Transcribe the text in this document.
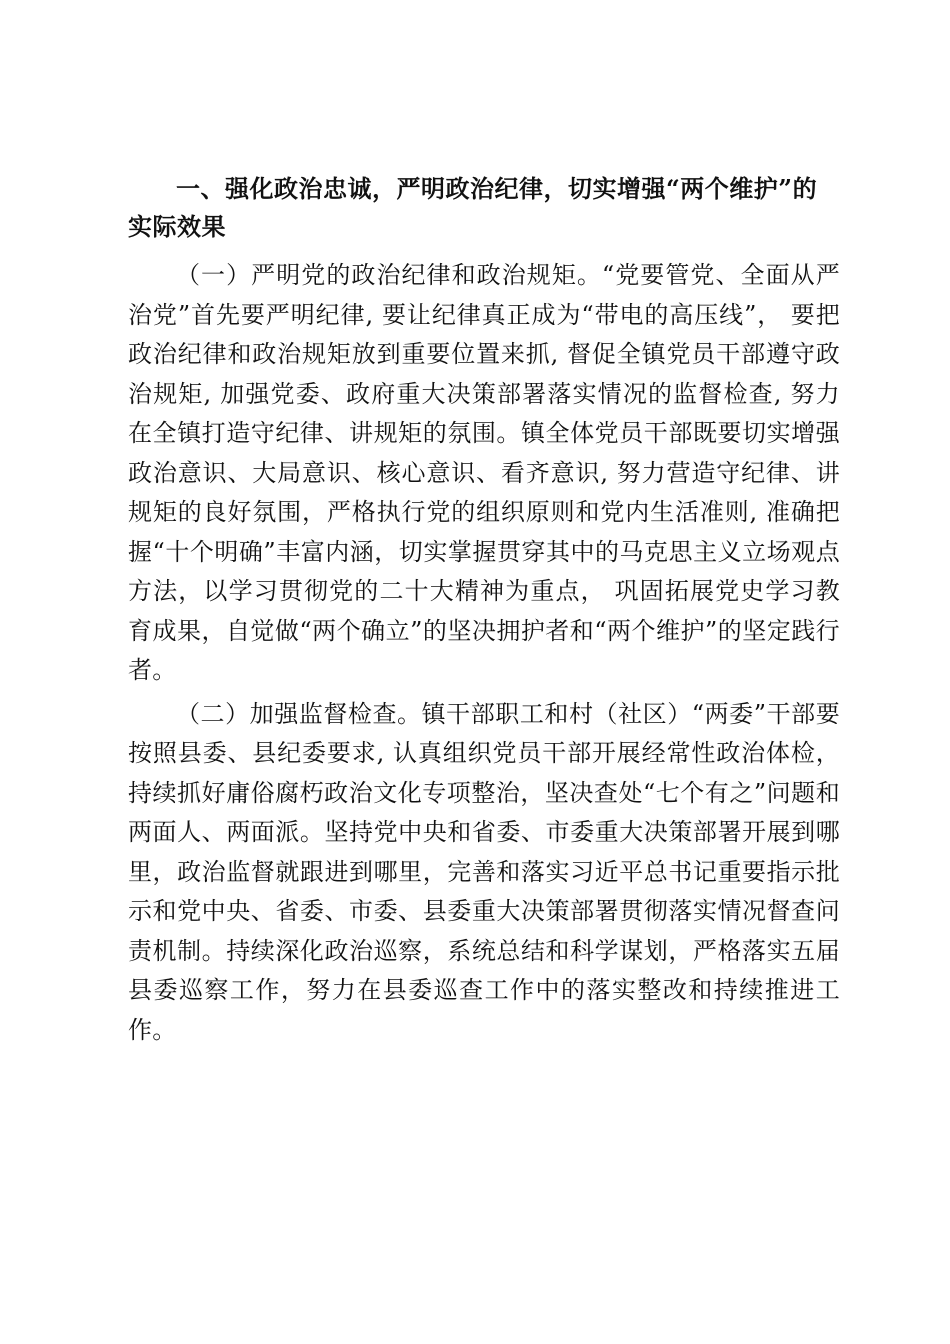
一、强化政治忠诚，严明政治纪律，切实增强“两个维护”的实际效果

（一）严明党的政治纪律和政治规矩。“党要管党、全面从严治党”首先要严明纪律, 要让纪律真正成为“带电的高压线”， 要把政治纪律和政治规矩放到重要位置来抓, 督促全镇党员干部遵守政治规矩, 加强党委、政府重大决策部署落实情况的监督检查, 努力在全镇打造守纪律、讲规矩的氛围。镇全体党员干部既要切实增强政治意识、大局意识、核心意识、看齐意识, 努力营造守纪律、讲规矩的良好氛围，严格执行党的组织原则和党内生活准则, 准确把握“十个明确”丰富内涵，切实掌握贯穿其中的马克思主义立场观点方法，以学习贯彻党的二十大精神为重点， 巩固拓展党史学习教育成果，自觉做“两个确立”的坚决拥护者和“两个维护”的坚定践行者。

（二）加强监督检查。镇干部职工和村（社区）“两委”干部要按照县委、县纪委要求, 认真组织党员干部开展经常性政治体检，持续抓好庸俗腐朽政治文化专项整治，坚决查处“七个有之”问题和两面人、两面派。坚持党中央和省委、市委重大决策部署开展到哪里，政治监督就跟进到哪里，完善和落实习近平总书记重要指示批示和党中央、省委、市委、县委重大决策部署贯彻落实情况督查问责机制。持续深化政治巡察，系统总结和科学谋划，严格落实五届县委巡察工作，努力在县委巡查工作中的落实整改和持续推进工作。
